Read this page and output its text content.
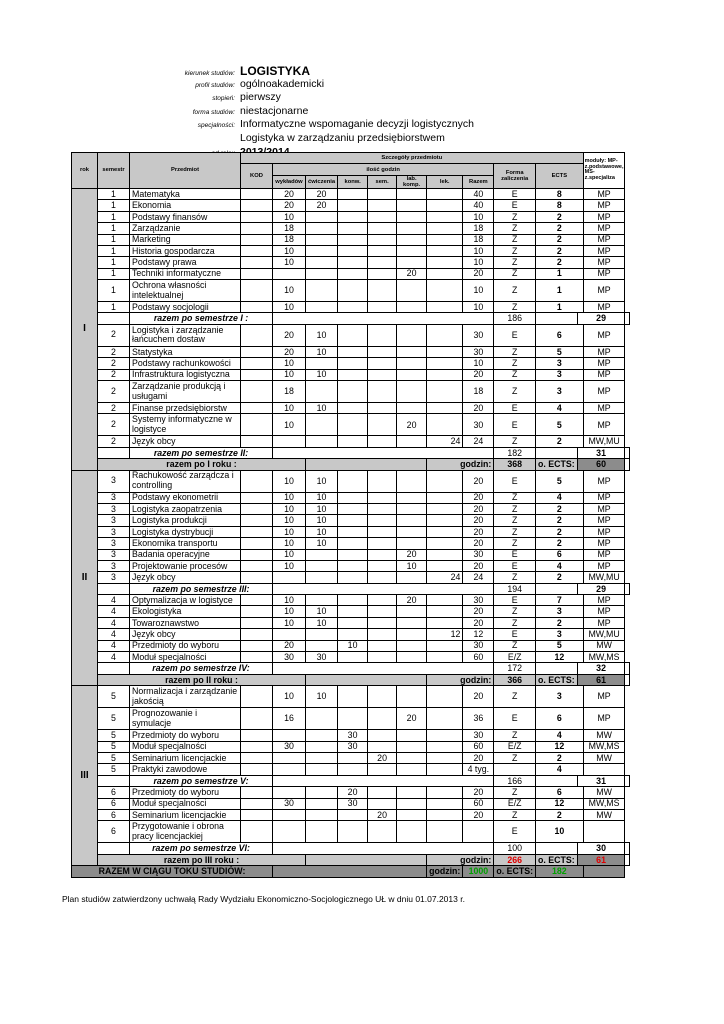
kierunek studiów: LOGISTYKA
profil studiów: ogólnoakademicki
stopień: pierwszy
forma studiów: niestacjonarne
specjalności: Informatyczne wspomaganie decyzji logistycznych
Logistyka w zarządzaniu przedsiębiorstwem
rok	semestr	Przedmiot	Szczegóły przedmiotu											moduły: MP-z.podstawowe, MS-z.specjaliza	
			KOD	ilość godzin							Forma zaliczenia	ECTS			
				wykładów	ćwiczenia	konw.	sem.	lab. komp.	lek.	Razem					
I	1	Matematyka		20	20					40	E	8		MP	
	1	Ekonomia		20	20					40	E	8		MP	
	1	Podstawy finansów		10						10	Z	2		MP	
	1	Zarządzanie		18						18	Z	2		MP	
	1	Marketing		18						18	Z	2		MP	
	1	Historia gospodarcza		10						10	Z	2		MP	
	1	Podstawy prawa		10						10	Z	2		MP	
	1	Techniki informatyczne						20		20	Z	1		MP	
	1	Ochrona własności intelektualnej		10						10	Z	1		MP	
	1	Podstawy socjologii		10						10	Z	1		MP	
		razem po semestrze I :									186		29		
	2	Logistyka i zarządzanie łańcuchem dostaw		20	10					30	E	6		MP	
	2	Statystyka		20	10					30	Z	5		MP	
	2	Podstawy rachunkowości		10						10	Z	3		MP	
	2	Infrastruktura logistyczna		10	10					20	Z	3		MP	
	2	Zarządzanie produkcją i usługami		18						18	Z	3		MP	
	2	Finanse przedsiębiorstw		10	10					20	E	4		MP	
	2	Systemy informatyczne w logistyce		10				20		30	E	5		MP	
	2	Język obcy							24	24	Z	2		MW,MU	
		razem po semestrze II:									182		31		
	razem po I roku :								godzin:		368	o. ECTS:	60		
II	3	Rachukowość zarządcza i controlling		10	10					20	E	5		MP	
	3	Podstawy ekonometrii		10	10					20	Z	4		MP	
	3	Logistyka zaopatrzenia		10	10					20	Z	2		MP	
	3	Logistyka produkcji		10	10					20	Z	2		MP	
	3	Logistyka dystrybucji		10	10					20	Z	2		MP	
	3	Ekonomika transportu		10	10					20	Z	2		MP	
	3	Badania operacyjne		10				20		30	E	6		MP	
	3	Projektowanie procesów		10				10		20	E	4		MP	
	3	Język obcy							24	24	Z	2		MW,MU	
		razem po semestrze III:									194		29		
	4	Optymalizacja w logistyce		10				20		30	E	7		MP	
	4	Ekologistyka		10	10					20	Z	3		MP	
	4	Towaroznawstwo		10	10					20	Z	2		MP	
	4	Język obcy							12	12	E	3		MW,MU	
	4	Przedmioty do wyboru		20		10				30	Z	5		MW	
	4	Moduł specjalności		30	30					60	E/Z	12		MW,MS	
		razem po semestrze IV:									172		32		
	razem po II roku :								godzin:		366	o. ECTS:	61		
III	5	Normalizacja i zarządzanie jakością		10	10					20	Z	3		MP	
	5	Prognozowanie i symulacje		16				20		36	E	6		MP	
	5	Przedmioty do wyboru				30				30	Z	4		MW	
	5	Moduł specjalności		30		30				60	E/Z	12		MW,MS	
	5	Seminarium licencjackie					20			20	Z	2		MW	
	5	Praktyki zawodowe								4 tyg.		4			
		razem po semestrze V:									166		31		
	6	Przedmioty do wyboru				20				20	Z	6		MW	
	6	Moduł specjalności		30		30				60	E/Z	12		MW,MS	
	6	Seminarium licencjackie					20			20	Z	2		MW	
	6	Przygotowanie i obrona pracy licencjackiej									E	10			
		razem po semestrze VI:									100		30		
	razem po III roku :								godzin:		266	o. ECTS:	61		
RAZEM W CIĄGU TOKU STUDIÓW:									godzin:	1000	o. ECTS:	182			
Plan studiów zatwierdzony uchwałą Rady Wydziału Ekonomiczno-Socjologicznego UŁ w dniu 01.07.2013 r.
